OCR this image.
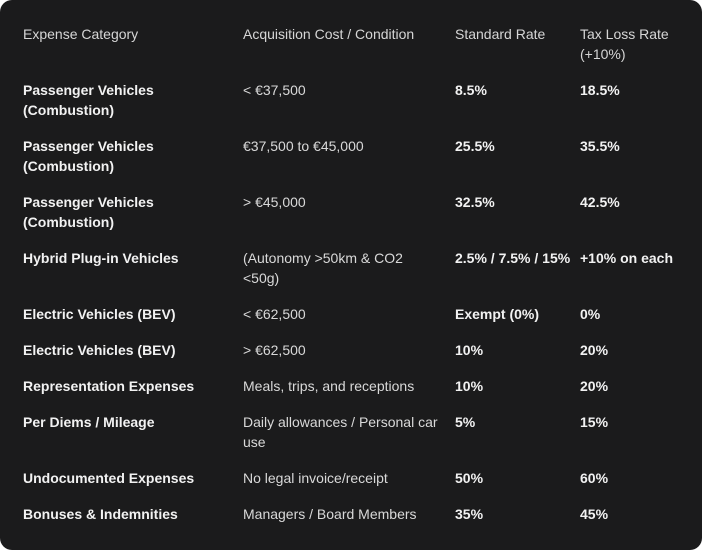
Expense Category	Acquisition Cost / Condition	Standard Rate	Tax Loss Rate (+10%)
Passenger Vehicles (Combustion)	< €37,500	8.5%	18.5%
Passenger Vehicles (Combustion)	€37,500 to €45,000	25.5%	35.5%
Passenger Vehicles (Combustion)	> €45,000	32.5%	42.5%
Hybrid Plug-in Vehicles	(Autonomy >50km & CO2 <50g)	2.5% / 7.5% / 15%	+10% on each
Electric Vehicles (BEV)	< €62,500	Exempt (0%)	0%
Electric Vehicles (BEV)	> €62,500	10%	20%
Representation Expenses	Meals, trips, and receptions	10%	20%
Per Diems / Mileage	Daily allowances / Personal car use	5%	15%
Undocumented Expenses	No legal invoice/receipt	50%	60%
Bonuses & Indemnities	Managers / Board Members	35%	45%
